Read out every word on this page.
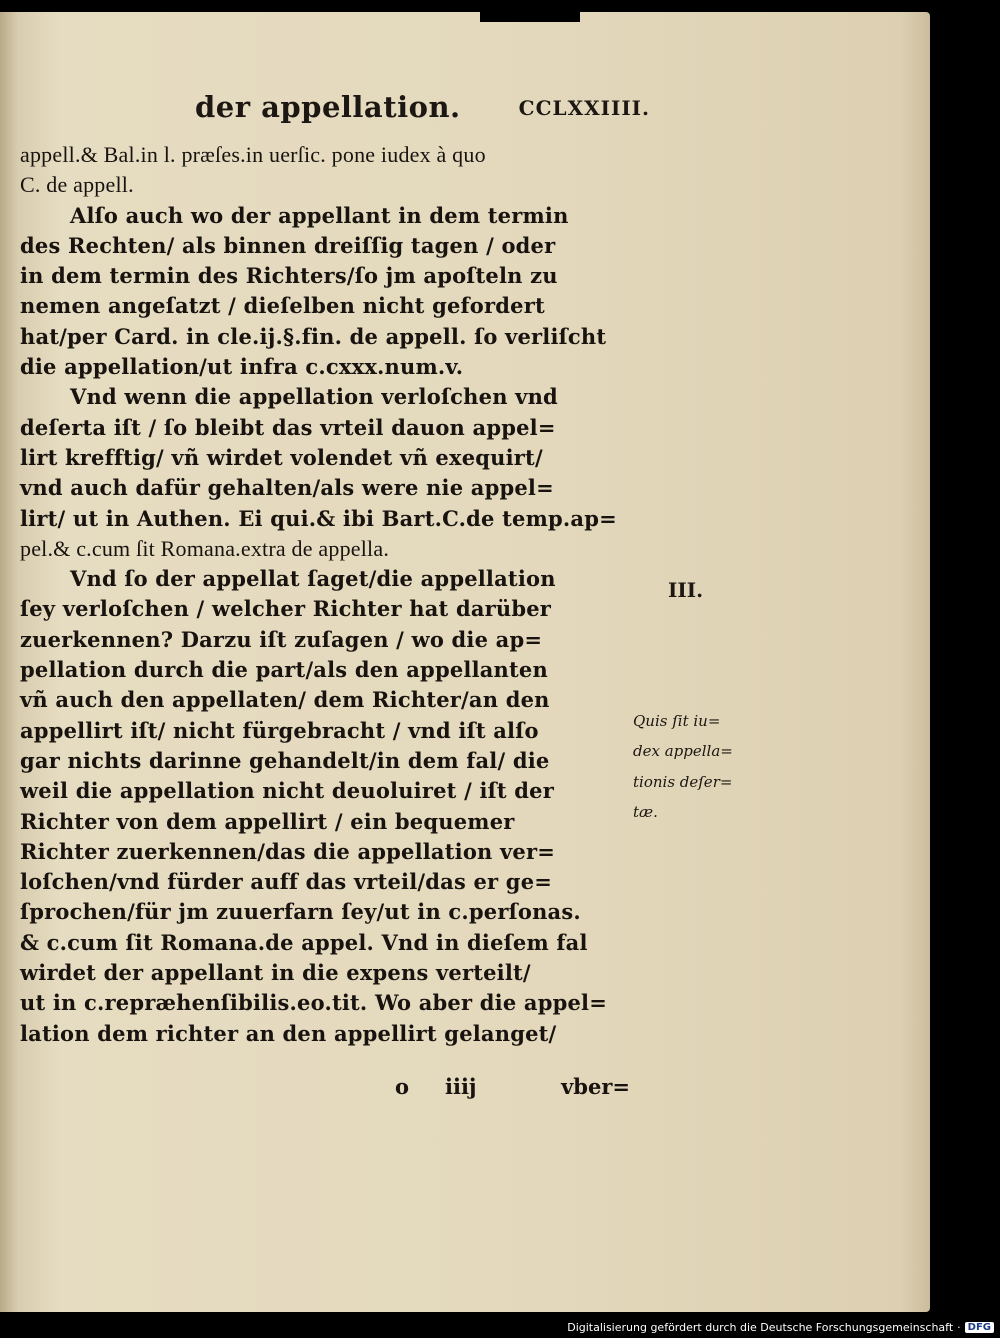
der appellation.	CCLXXIIII.
appell.& Bal.in l. præſes.in uerſic. pone iudex à quo
C. de appell.
Alſo auch wo der appellant in dem termin
des Rechten/ als binnen dreiſſig tagen / oder
in dem termin des Richters/ſo jm apoſteln zu
nemen angeſatzt / dieſelben nicht gefordert
hat/per Card. in cle.ij.§.fin. de appell. ſo verliſcht
die appellation/ut infra c.cxxx.num.v.
Vnd wenn die appellation verloſchen vnd
deſerta iſt / ſo bleibt das vrteil dauon appel=
lirt krefftig/ vñ wirdet volendet vñ exequirt/
vnd auch dafür gehalten/als were nie appel=
lirt/ ut in Authen. Ei qui.& ibi Bart.C.de temp.ap=
pel.& c.cum ſit Romana.extra de appella.
Vnd ſo der appellat ſaget/die appellation
ſey verloſchen / welcher Richter hat darüber
zuerkennen? Darzu iſt zuſagen / wo die ap=
pellation durch die part/als den appellanten
vñ auch den appellaten/ dem Richter/an den
appellirt iſt/ nicht fürgebracht / vnd iſt alſo
gar nichts darinne gehandelt/in dem fal/ die
weil die appellation nicht deuoluiret / iſt der
Richter von dem appellirt / ein bequemer
Richter zuerkennen/das die appellation ver=
loſchen/vnd fürder auff das vrteil/das er ge=
ſprochen/für jm zuuerfarn ſey/ut in c.perſonas.
& c.cum ſit Romana.de appel. Vnd in dieſem fal
wirdet der appellant in die expens verteilt/
ut in c.repræhenſibilis.eo.tit. Wo aber die appel=
lation dem richter an den appellirt gelanget/
o iiij	vber=
III.
Quis ſit iu=
dex appella=
tionis deſer=
tæ.
Digitalisierung gefördert durch die Deutsche Forschungsgemeinschaft · DFG
